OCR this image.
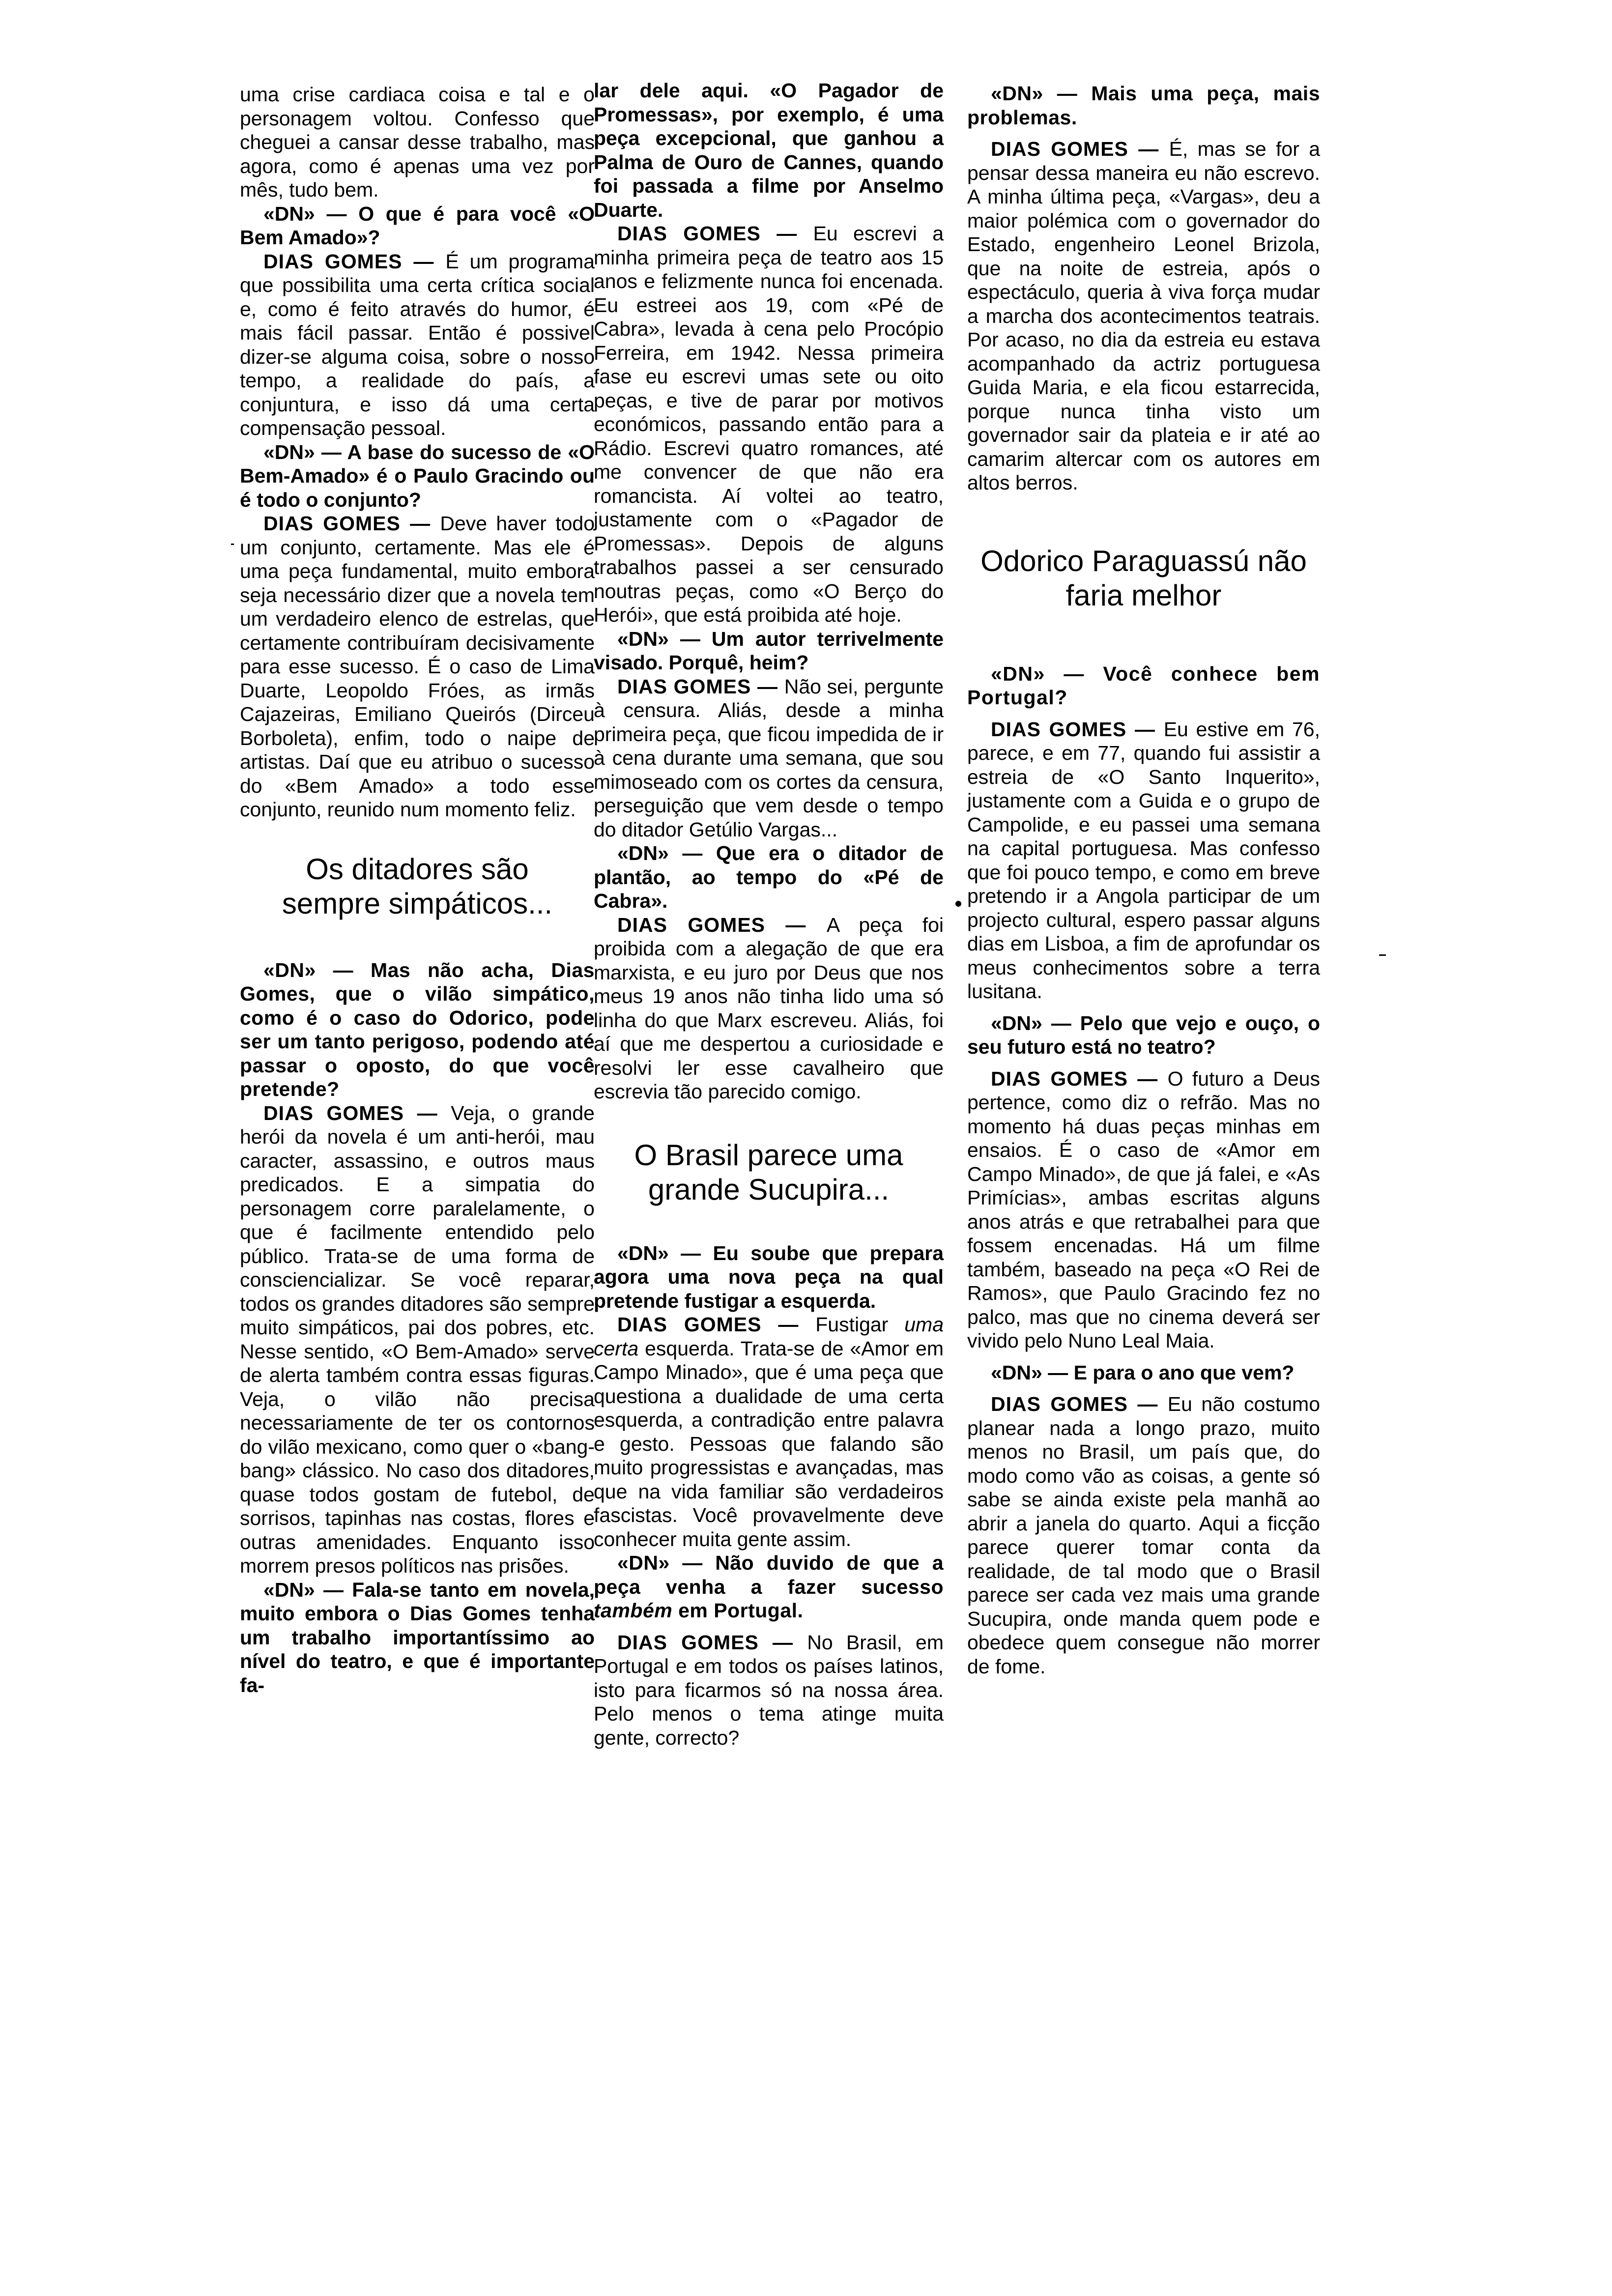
uma crise cardiaca coisa e tal e o personagem voltou. Confesso que cheguei a cansar desse trabalho, mas agora, como é apenas uma vez por mês, tudo bem.

«DN» — O que é para você «O Bem Amado»?

DIAS GOMES — É um programa que possibilita uma certa crítica social e, como é feito através do humor, é mais fácil passar. Então é possivel dizer-se alguma coisa, sobre o nosso tempo, a realidade do país, a conjuntura, e isso dá uma certa compensação pessoal.

«DN» — A base do sucesso de «O Bem-Amado» é o Paulo Gracindo ou é todo o conjunto?

DIAS GOMES — Deve haver todo um conjunto, certamente. Mas ele é uma peça fundamental, muito embora seja necessário dizer que a novela tem um verdadeiro elenco de estrelas, que certamente contribuíram decisivamente para esse sucesso. É o caso de Lima Duarte, Leopoldo Fróes, as irmãs Cajazeiras, Emiliano Queirós (Dirceu Borboleta), enfim, todo o naipe de artistas. Daí que eu atribuo o sucesso do «Bem Amado» a todo esse conjunto, reunido num momento feliz.

Os ditadores são sempre simpáticos...

«DN» — Mas não acha, Dias Gomes, que o vilão simpático, como é o caso do Odorico, pode ser um tanto perigoso, podendo até passar o oposto, do que você pretende?

DIAS GOMES — Veja, o grande herói da novela é um anti-herói, mau caracter, assassino, e outros maus predicados. E a simpatia do personagem corre paralelamente, o que é facilmente entendido pelo público. Trata-se de uma forma de consciencializar. Se você reparar, todos os grandes ditadores são sempre muito simpáticos, pai dos pobres, etc. Nesse sentido, «O Bem-Amado» serve de alerta também contra essas figuras. Veja, o vilão não precisa necessariamente de ter os contornos do vilão mexicano, como quer o «bang-bang» clássico. No caso dos ditadores, quase todos gostam de futebol, de sorrisos, tapinhas nas costas, flores e outras amenidades. Enquanto isso morrem presos políticos nas prisões.

«DN» — Fala-se tanto em novela, muito embora o Dias Gomes tenha um trabalho importantíssimo ao nível do teatro, e que é importante fa-

lar dele aqui. «O Pagador de Promessas», por exemplo, é uma peça excepcional, que ganhou a Palma de Ouro de Cannes, quando foi passada a filme por Anselmo Duarte.

DIAS GOMES — Eu escrevi a minha primeira peça de teatro aos 15 anos e felizmente nunca foi encenada. Eu estreei aos 19, com «Pé de Cabra», levada à cena pelo Procópio Ferreira, em 1942. Nessa primeira fase eu escrevi umas sete ou oito peças, e tive de parar por motivos económicos, passando então para a Rádio. Escrevi quatro romances, até me convencer de que não era romancista. Aí voltei ao teatro, justamente com o «Pagador de Promessas». Depois de alguns trabalhos passei a ser censurado noutras peças, como «O Berço do Herói», que está proibida até hoje.

«DN» — Um autor terrivelmente visado. Porquê, heim?

DIAS GOMES — Não sei, pergunte à censura. Aliás, desde a minha primeira peça, que ficou impedida de ir à cena durante uma semana, que sou mimoseado com os cortes da censura, perseguição que vem desde o tempo do ditador Getúlio Vargas...

«DN» — Que era o ditador de plantão, ao tempo do «Pé de Cabra».

DIAS GOMES — A peça foi proibida com a alegação de que era marxista, e eu juro por Deus que nos meus 19 anos não tinha lido uma só linha do que Marx escreveu. Aliás, foi aí que me despertou a curiosidade e resolvi ler esse cavalheiro que escrevia tão parecido comigo.

O Brasil parece uma grande Sucupira...

«DN» — Eu soube que prepara agora uma nova peça na qual pretende fustigar a esquerda.

DIAS GOMES — Fustigar uma certa esquerda. Trata-se de «Amor em Campo Minado», que é uma peça que questiona a dualidade de uma certa esquerda, a contradição entre palavra e gesto. Pessoas que falando são muito progressistas e avançadas, mas que na vida familiar são verdadeiros fascistas. Você provavelmente deve conhecer muita gente assim.

«DN» — Não duvido de que a peça venha a fazer sucesso também em Portugal.

DIAS GOMES — No Brasil, em Portugal e em todos os países latinos, isto para ficarmos só na nossa área. Pelo menos o tema atinge muita gente, correcto?

«DN» — Mais uma peça, mais problemas.

DIAS GOMES — É, mas se for a pensar dessa maneira eu não escrevo. A minha última peça, «Vargas», deu a maior polémica com o governador do Estado, engenheiro Leonel Brizola, que na noite de estreia, após o espectáculo, queria à viva força mudar a marcha dos acontecimentos teatrais. Por acaso, no dia da estreia eu estava acompanhado da actriz portuguesa Guida Maria, e ela ficou estarrecida, porque nunca tinha visto um governador sair da plateia e ir até ao camarim altercar com os autores em altos berros.

Odorico Paraguassú não faria melhor

«DN» — Você conhece bem Portugal?

DIAS GOMES — Eu estive em 76, parece, e em 77, quando fui assistir a estreia de «O Santo Inquerito», justamente com a Guida e o grupo de Campolide, e eu passei uma semana na capital portuguesa. Mas confesso que foi pouco tempo, e como em breve pretendo ir a Angola participar de um projecto cultural, espero passar alguns dias em Lisboa, a fim de aprofundar os meus conhecimentos sobre a terra lusitana.

«DN» — Pelo que vejo e ouço, o seu futuro está no teatro?

DIAS GOMES — O futuro a Deus pertence, como diz o refrão. Mas no momento há duas peças minhas em ensaios. É o caso de «Amor em Campo Minado», de que já falei, e «As Primícias», ambas escritas alguns anos atrás e que retrabalhei para que fossem encenadas. Há um filme também, baseado na peça «O Rei de Ramos», que Paulo Gracindo fez no palco, mas que no cinema deverá ser vivido pelo Nuno Leal Maia.

«DN» — E para o ano que vem?

DIAS GOMES — Eu não costumo planear nada a longo prazo, muito menos no Brasil, um país que, do modo como vão as coisas, a gente só sabe se ainda existe pela manhã ao abrir a janela do quarto. Aqui a ficção parece querer tomar conta da realidade, de tal modo que o Brasil parece ser cada vez mais uma grande Sucupira, onde manda quem pode e obedece quem consegue não morrer de fome.
